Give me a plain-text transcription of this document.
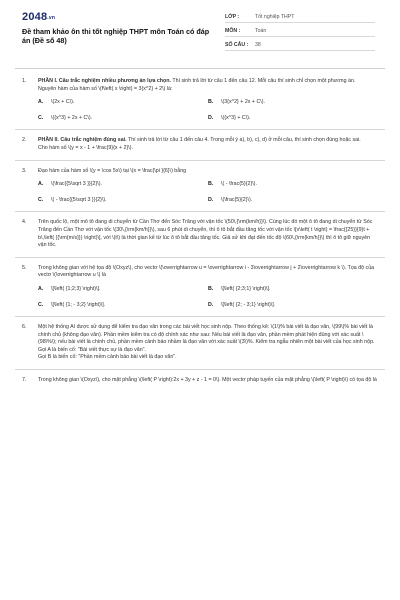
2048.vn
Đề tham khảo ôn thi tốt nghiệp THPT môn Toán có đáp án (Đề số 48)
LỚP :	Tốt nghiệp THPT
MÔN :	Toán
SỐ CÂU :	38
1.	PHẦN I. Câu trắc nghiệm nhiều phương án lựa chọn. Thí sinh trả lời từ câu 1 đến câu 12. Mỗi câu thí sinh chỉ chọn một phương án.
Nguyên hàm của hàm số \(f\left( x \right) = 3{x^2} + 2\) là:
A.	\(2x + C\).	B.	\(3{x^2} + 2x + C\).
C.	\({x^3} + 2x + C\).	D.	\({x^3} + C\).
2.	PHẦN II. Câu trắc nghiệm đúng sai. Thí sinh trả lời từ câu 1 đến câu 4. Trong mỗi ý a), b), c), d) ở mỗi câu, thí sinh chọn đúng hoặc sai.
Cho hàm số \(y = x - 1 + \frac{9}{x + 2}\).
3.	Đạo hàm của hàm số \(y = \cos 5x\) tại \(x = \frac{\pi }{6}\) bằng
A.	\(\frac{{5\sqrt 3 }}{2}\).	B.	\( - \frac{5}{2}\).
C.	\( - \frac{{5\sqrt 3 }}{2}\).	D.	\(\frac{5}{2}\).
4.	Trên quốc lộ, một mô tô đang di chuyển từ Cần Thơ đến Sóc Trăng với vận tốc \(50\,{\rm{km/h}}\). Cùng lúc đó một ô tô đang di chuyển từ Sóc Trăng đến Cần Thơ với vận tốc \(30\,{\rm{km/h}}\), sau 6 phút di chuyển, thì ô tô bắt đầu tăng tốc với vận tốc \[v\left( t \right) = \frac{{25}}{9}t + b\,\left( {{\rm{m/s}}} \right)\], với \(t\) là thời gian kể từ lúc ô tô bắt đầu tăng tốc. Giả sử khi đạt đến tốc độ \(60\,{\rm{km/h}}\) thì ô tô giữ nguyên vận tốc.
5.	Trong không gian với hệ tọa độ \(Oxyz\), cho vectơ \(\overrightarrow u = \overrightarrow i - 3\overrightarrow j + 2\overrightarrow k \). Tọa độ của vectơ \(\overrightarrow u \) là
A.	\[\left( {1;2;3} \right)\].	B.	\[\left( {2;3;1} \right)\].
C.	\[\left( {1; - 3;2} \right)\].	D.	\[\left( {2; - 3;1} \right)\].
6.	Một hệ thống AI được sử dụng để kiểm tra đạo văn trong các bài viết học sinh nộp. Theo thống kê: \(1\)% bài viết là đạo văn, \(99\)% bài viết là chính chủ (không đạo văn). Phần mềm kiểm tra có độ chính xác như sau: Nếu bài viết là đạo văn, phần mềm phát hiện đúng với xác suất \(98\%\); nếu bài viết là chính chủ, phần mềm cảnh báo nhầm là đạo văn với xác suất \(3\)%. Kiểm tra ngẫu nhiên một bài viết của học sinh nộp.
Gọi A là biến cố: "Bài viết thực sự là đạo văn".
Gọi B là biến cố: "Phần mềm cảnh báo bài viết là đạo văn".
7.	Trong không gian \(Oxyz\), cho mặt phẳng \(\left( P \right):2x + 3y + z - 1 = 0\). Một vectơ pháp tuyến của mặt phẳng \(\left( P \right)\) có tọa độ là
